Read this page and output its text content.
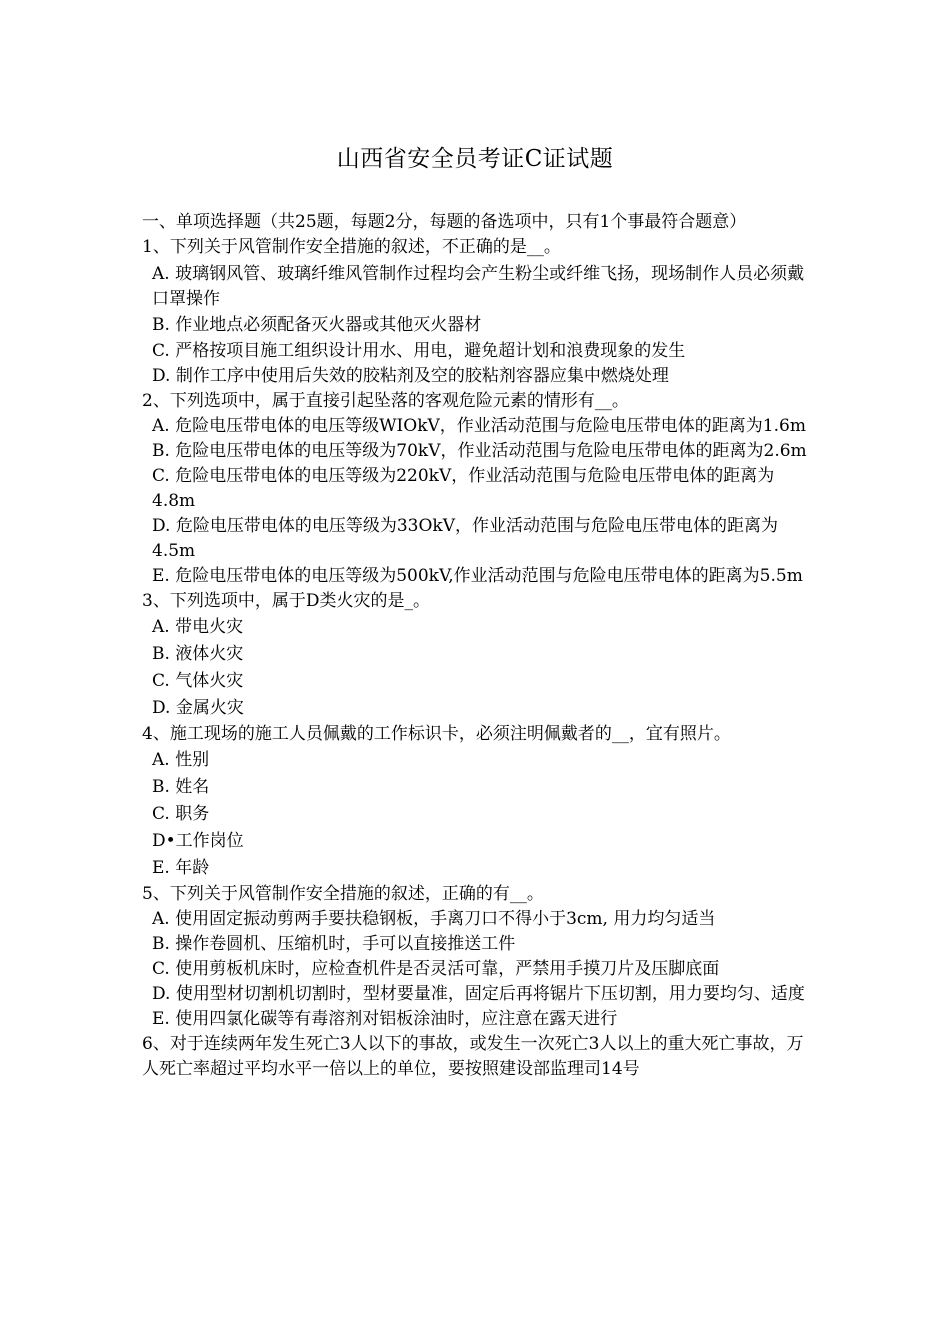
山西省安全员考证C证试题
一、单项选择题（共25题，每题2分，每题的备选项中，只有1个事最符合题意）
1、下列关于风管制作安全措施的叙述，不正确的是__。
A. 玻璃钢风管、玻璃纤维风管制作过程均会产生粉尘或纤维飞扬，现场制作人员必须戴口罩操作
B. 作业地点必须配备灭火器或其他灭火器材
C. 严格按项目施工组织设计用水、用电，避免超计划和浪费现象的发生
D. 制作工序中使用后失效的胶粘剂及空的胶粘剂容器应集中燃烧处理
2、下列选项中，属于直接引起坠落的客观危险元素的情形有__。
A. 危险电压带电体的电压等级WIOkV，作业活动范围与危险电压带电体的距离为1.6m
B. 危险电压带电体的电压等级为70kV，作业活动范围与危险电压带电体的距离为2.6m
C. 危险电压带电体的电压等级为220kV，作业活动范围与危险电压带电体的距离为4.8m
D. 危险电压带电体的电压等级为33OkV，作业活动范围与危险电压带电体的距离为4.5m
E. 危险电压带电体的电压等级为500kV,作业活动范围与危险电压带电体的距离为5.5m
3、下列选项中，属于D类火灾的是_。
A. 带电火灾
B. 液体火灾
C. 气体火灾
D. 金属火灾
4、施工现场的施工人员佩戴的工作标识卡，必须注明佩戴者的__，宜有照片。
A. 性别
B. 姓名
C. 职务
D•工作岗位
E. 年龄
5、下列关于风管制作安全措施的叙述，正确的有__。
A. 使用固定振动剪两手要扶稳钢板，手离刀口不得小于3cm, 用力均匀适当
B. 操作卷圆机、压缩机时，手可以直接推送工件
C. 使用剪板机床时，应检查机件是否灵活可靠，严禁用手摸刀片及压脚底面
D. 使用型材切割机切割时，型材要量准，固定后再将锯片下压切割，用力要均匀、适度
E. 使用四氯化碳等有毒溶剂对铝板涂油时，应注意在露天进行
6、对于连续两年发生死亡3人以下的事故，或发生一次死亡3人以上的重大死亡事故，万人死亡率超过平均水平一倍以上的单位，要按照建设部监理司14号
